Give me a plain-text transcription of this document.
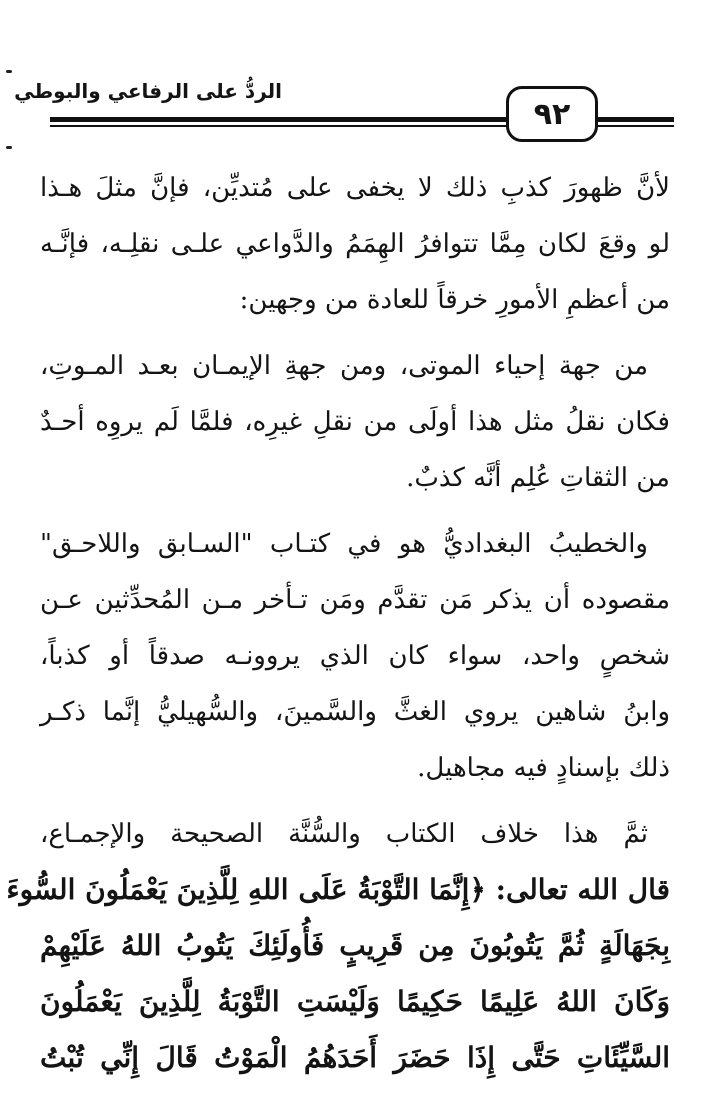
الردُّ على الرفاعي والبوطي
٩٢
لأنَّ ظهورَ كذبِ ذلك لا يخفى على مُتديِّن، فإنَّ مثلَ هـذا
لو وقعَ لكان مِمَّا تتوافرُ الهِمَمُ والدَّواعي علـى نقلِـه، فإنَّـه
من أعظمِ الأمورِ خرقاً للعادة من وجهين:
من جهة إحياء الموتى، ومن جهةِ الإيمـان بعـد المـوتِ،
فكان نقلُ مثل هذا أولَى من نقلِ غيرِه، فلمَّا لَم يروِه أحـدٌ
من الثقاتِ عُلِم أنَّه كذبٌ.
والخطيبُ البغداديُّ هو في كتـاب "السـابق واللاحـق"
مقصوده أن يذكر مَن تقدَّم ومَن تـأخر مـن المُحدِّثين عـن
شخصٍ واحد، سواء كان الذي يروونـه صدقاً أو كذباً،
وابنُ شاهين يروي الغثَّ والسَّمينَ، والسُّهيليُّ إنَّما ذكـر
ذلك بإسنادٍ فيه مجاهيل.
ثمَّ هذا خلاف الكتاب والسُّنَّة الصحيحة والإجمـاع،
قال الله تعالى: ﴿إِنَّمَا التَّوْبَةُ عَلَى اللهِ لِلَّذِينَ يَعْمَلُونَ السُّوءَ
بِجَهَالَةٍ ثُمَّ يَتُوبُونَ مِن قَرِيبٍ فَأُولَئِكَ يَتُوبُ اللهُ عَلَيْهِمْ
وَكَانَ اللهُ عَلِيمًا حَكِيمًا وَلَيْسَتِ التَّوْبَةُ لِلَّذِينَ يَعْمَلُونَ
السَّيِّئَاتِ حَتَّى إِذَا حَضَرَ أَحَدَهُمُ الْمَوْتُ قَالَ إِنِّي تُبْتُ
